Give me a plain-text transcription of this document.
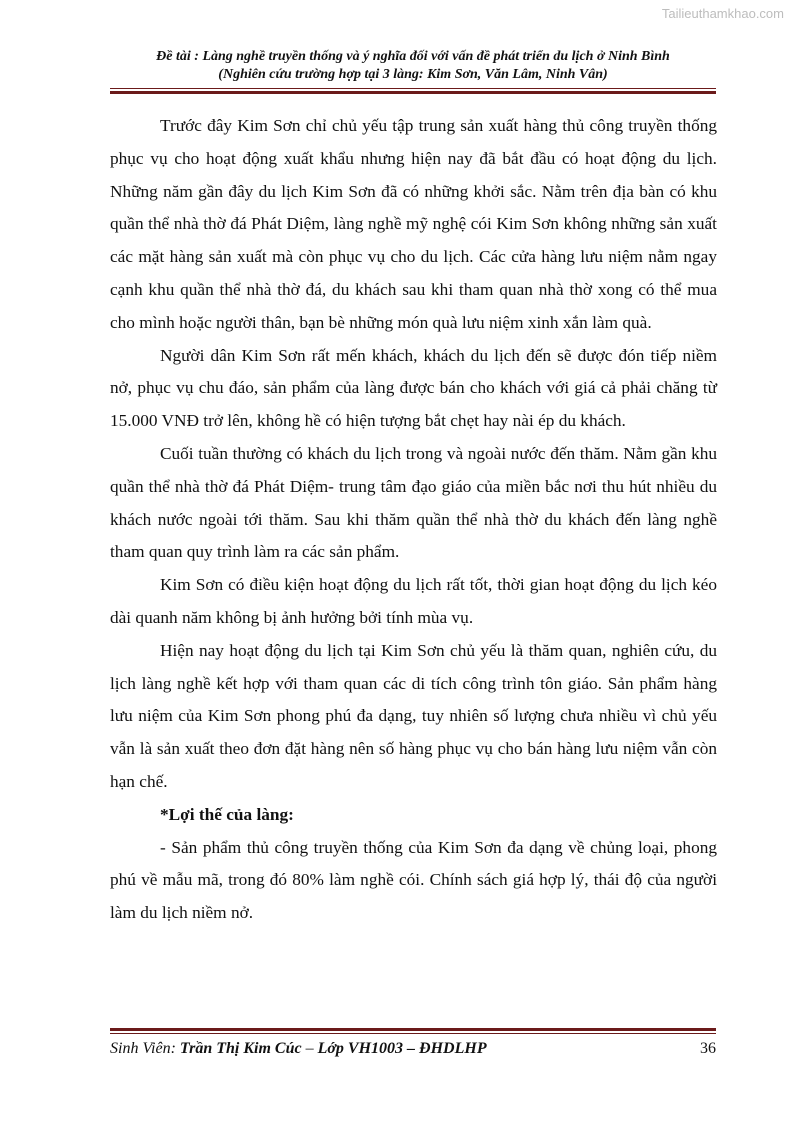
Tailieuthamkhao.com
Đề tài : Làng nghề truyền thống và ý nghĩa đối với vấn đề phát triển du lịch ở Ninh Bình
(Nghiên cứu trường hợp tại 3 làng: Kim Sơn, Văn Lâm, Ninh Vân)

Trước đây Kim Sơn chỉ chủ yếu tập trung sản xuất hàng thủ công truyền thống phục vụ cho hoạt động xuất khẩu nhưng hiện nay đã bắt đầu có hoạt động du lịch. Những năm gần đây du lịch Kim Sơn đã có những khởi sắc. Nằm trên địa bàn có khu quần thể nhà thờ đá Phát Diệm, làng nghề mỹ nghệ cói Kim Sơn không những sản xuất các mặt hàng sản xuất mà còn phục vụ cho du lịch. Các cửa hàng lưu niệm nằm ngay cạnh khu quần thể nhà thờ đá, du khách sau khi tham quan nhà thờ xong có thể mua cho mình hoặc người thân, bạn bè những món quà lưu niệm xinh xắn làm quà.

Người dân Kim Sơn rất mến khách, khách du lịch đến sẽ được đón tiếp niềm nở, phục vụ chu đáo, sản phẩm của làng được bán cho khách với giá cả phải chăng từ 15.000 VNĐ trở lên, không hề có hiện tượng bắt chẹt hay nài ép du khách.

Cuối tuần thường có khách du lịch trong và ngoài nước đến thăm. Nằm gần khu quần thể nhà thờ đá Phát Diệm- trung tâm đạo giáo của miền bắc nơi thu hút nhiều du khách nước ngoài tới thăm. Sau khi thăm quần thể nhà thờ du khách đến làng nghề tham quan quy trình làm ra các sản phẩm.

Kim Sơn có điều kiện hoạt động du lịch rất tốt, thời gian hoạt động du lịch kéo dài quanh năm không bị ảnh hưởng bởi tính mùa vụ.

Hiện nay hoạt động du lịch tại Kim Sơn chủ yếu là thăm quan, nghiên cứu, du lịch làng nghề kết hợp với tham quan các di tích công trình tôn giáo. Sản phẩm hàng lưu niệm của Kim Sơn phong phú đa dạng, tuy nhiên số lượng chưa nhiều vì chủ yếu vẫn là sản xuất theo đơn đặt hàng nên số hàng phục vụ cho bán hàng lưu niệm vẫn còn hạn chế.

*Lợi thế của làng:

- Sản phẩm thủ công truyền thống của Kim Sơn đa dạng về chủng loại, phong phú về mẫu mã, trong đó 80% làm nghề cói. Chính sách giá hợp lý, thái độ của người làm du lịch niềm nở.

Sinh Viên: Trần Thị Kim Cúc – Lớp VH1003 – ĐHDLHP	36
